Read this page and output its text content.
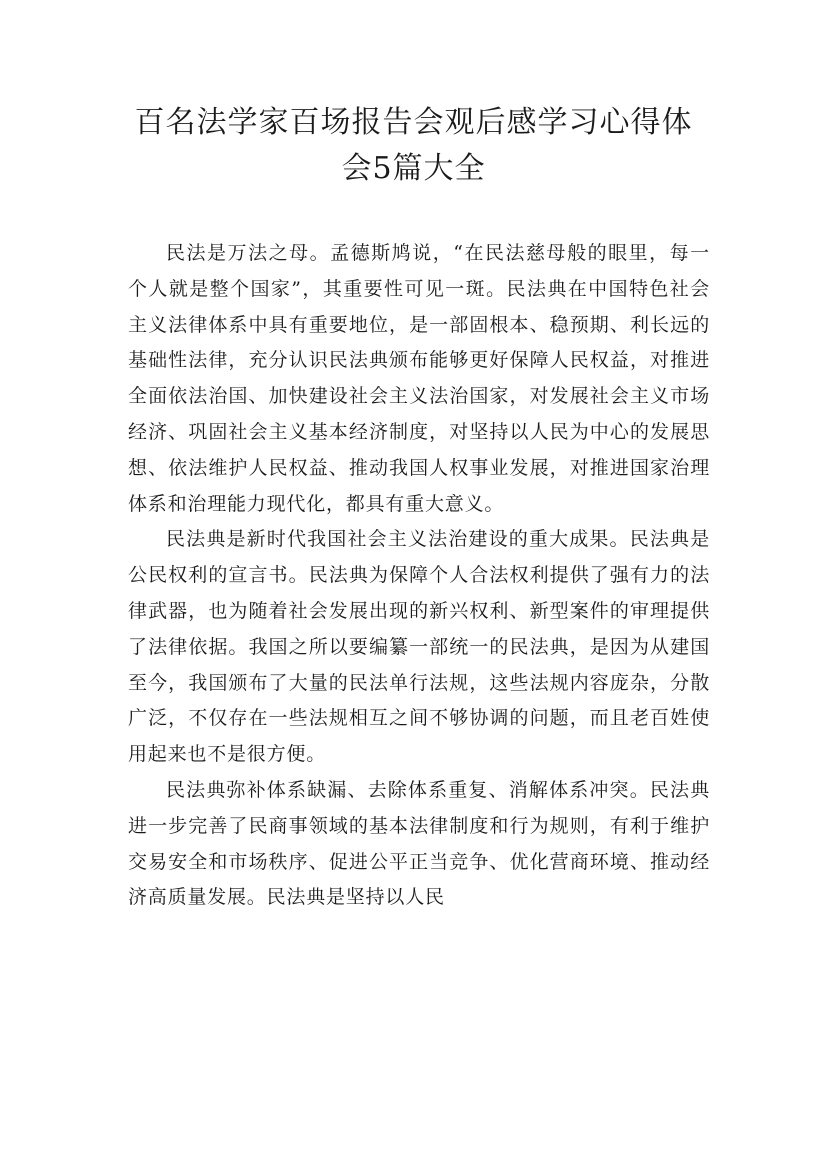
百名法学家百场报告会观后感学习心得体
会5篇大全

民法是万法之母。孟德斯鸠说，“在民法慈母般的眼里，每一个人就是整个国家”，其重要性可见一斑。民法典在中国特色社会主义法律体系中具有重要地位，是一部固根本、稳预期、利长远的基础性法律，充分认识民法典颁布能够更好保障人民权益，对推进全面依法治国、加快建设社会主义法治国家，对发展社会主义市场经济、巩固社会主义基本经济制度，对坚持以人民为中心的发展思想、依法维护人民权益、推动我国人权事业发展，对推进国家治理体系和治理能力现代化，都具有重大意义。

民法典是新时代我国社会主义法治建设的重大成果。民法典是公民权利的宣言书。民法典为保障个人合法权利提供了强有力的法律武器，也为随着社会发展出现的新兴权利、新型案件的审理提供了法律依据。我国之所以要编纂一部统一的民法典，是因为从建国至今，我国颁布了大量的民法单行法规，这些法规内容庞杂，分散广泛，不仅存在一些法规相互之间不够协调的问题，而且老百姓使用起来也不是很方便。

民法典弥补体系缺漏、去除体系重复、消解体系冲突。民法典进一步完善了民商事领域的基本法律制度和行为规则，有利于维护交易安全和市场秩序、促进公平正当竞争、优化营商环境、推动经济高质量发展。民法典是坚持以人民
